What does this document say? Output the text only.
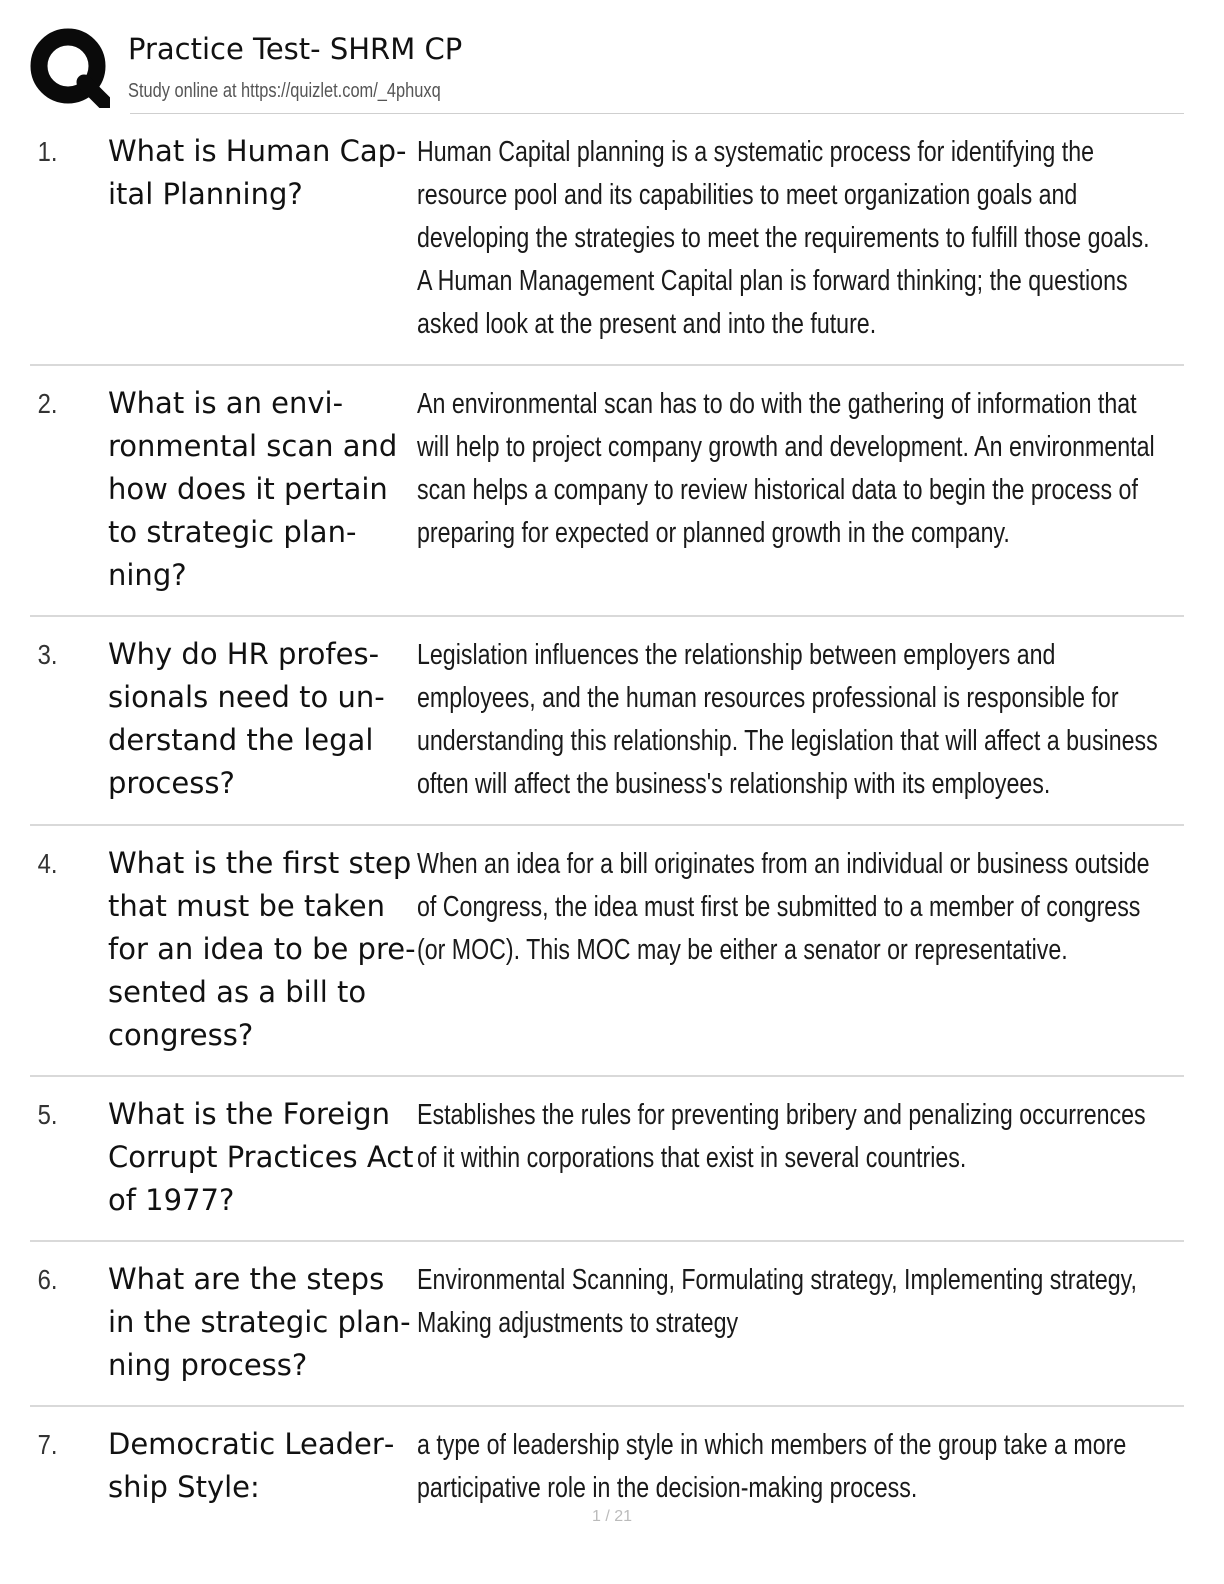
Practice Test- SHRM CP
Study online at https://quizlet.com/_4phuxq
1.	What is Human Capital Planning?
Human Capital planning is a systematic process for identifying the resource pool and its capabilities to meet organization goals and developing the strategies to meet the requirements to fulfill those goals. A Human Management Capital plan is forward thinking; the questions asked look at the present and into the future.
2.	What is an environmental scan and how does it pertain to strategic planning?
An environmental scan has to do with the gathering of information that will help to project company growth and development. An environmental scan helps a company to review historical data to begin the process of preparing for expected or planned growth in the company.
3.	Why do HR professionals need to understand the legal process?
Legislation influences the relationship between employers and employees, and the human resources professional is responsible for understanding this relationship. The legislation that will affect a business often will affect the business's relationship with its employees.
4.	What is the first step that must be taken for an idea to be presented as a bill to congress?
When an idea for a bill originates from an individual or business outside of Congress, the idea must first be submitted to a member of congress (or MOC). This MOC may be either a senator or representative.
5.	What is the Foreign Corrupt Practices Act of 1977?
Establishes the rules for preventing bribery and penalizing occurrences of it within corporations that exist in several countries.
6.	What are the steps in the strategic planning process?
Environmental Scanning, Formulating strategy, Implementing strategy, Making adjustments to strategy
7.	Democratic Leadership Style:
a type of leadership style in which members of the group take a more participative role in the decision-making process.
1 / 21
